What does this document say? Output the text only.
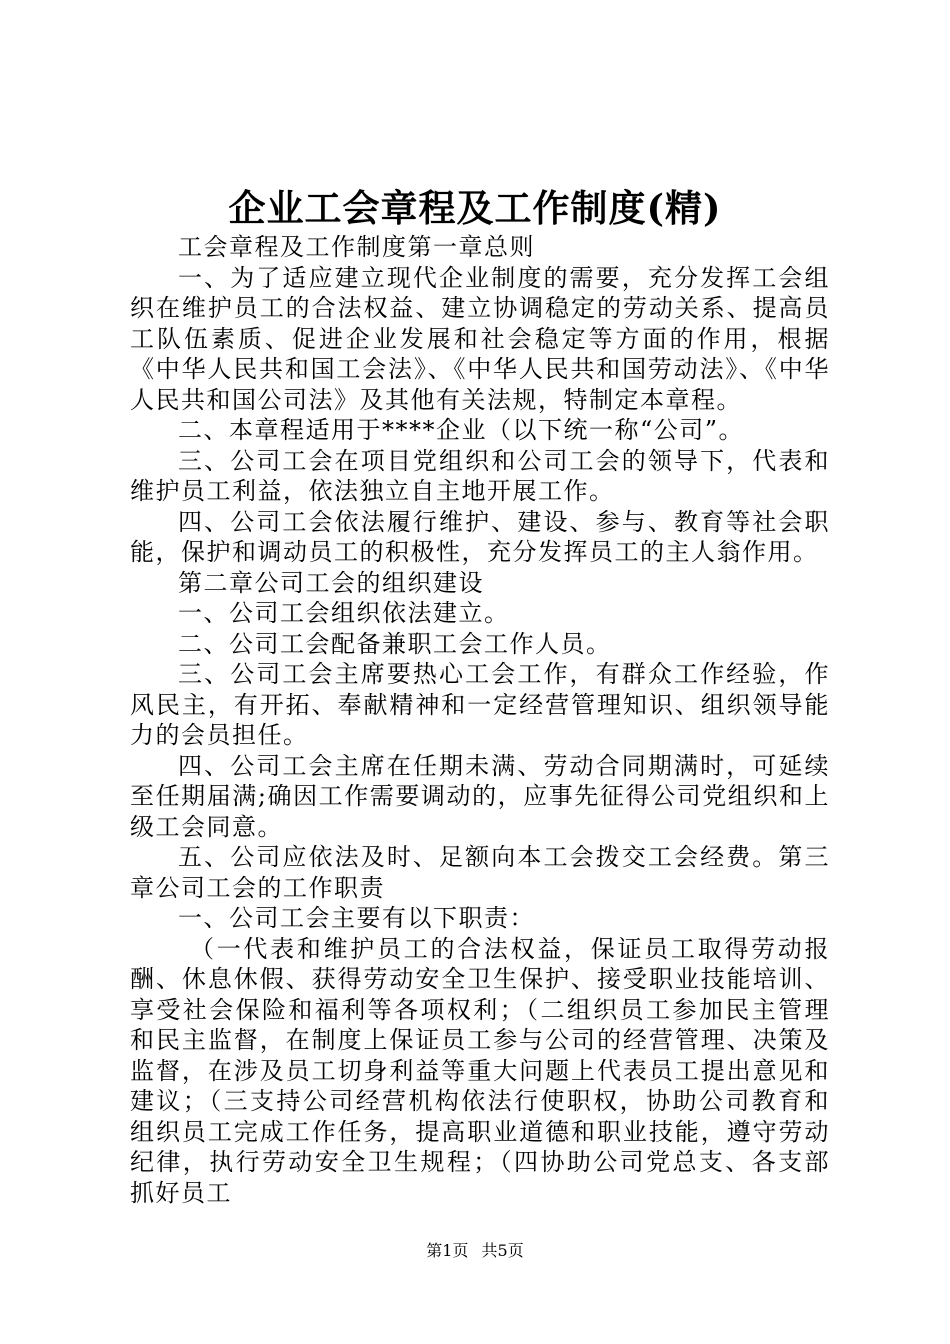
企业工会章程及工作制度(精)

工会章程及工作制度第一章总则

一、为了适应建立现代企业制度的需要，充分发挥工会组织在维护员工的合法权益、建立协调稳定的劳动关系、提高员工队伍素质、促进企业发展和社会稳定等方面的作用，根据《中华人民共和国工会法》、《中华人民共和国劳动法》、《中华人民共和国公司法》及其他有关法规，特制定本章程。

二、本章程适用于****企业（以下统一称“公司”。

三、公司工会在项目党组织和公司工会的领导下，代表和维护员工利益，依法独立自主地开展工作。

四、公司工会依法履行维护、建设、参与、教育等社会职能，保护和调动员工的积极性，充分发挥员工的主人翁作用。

第二章公司工会的组织建设

一、公司工会组织依法建立。

二、公司工会配备兼职工会工作人员。

三、公司工会主席要热心工会工作，有群众工作经验，作风民主，有开拓、奉献精神和一定经营管理知识、组织领导能力的会员担任。

四、公司工会主席在任期未满、劳动合同期满时，可延续至任期届满;确因工作需要调动的，应事先征得公司党组织和上级工会同意。

五、公司应依法及时、足额向本工会拨交工会经费。第三章公司工会的工作职责

一、公司工会主要有以下职责：

（一代表和维护员工的合法权益，保证员工取得劳动报酬、休息休假、获得劳动安全卫生保护、接受职业技能培训、享受社会保险和福利等各项权利；（二组织员工参加民主管理和民主监督，在制度上保证员工参与公司的经营管理、决策及监督，在涉及员工切身利益等重大问题上代表员工提出意见和建议；（三支持公司经营机构依法行使职权，协助公司教育和组织员工完成工作任务，提高职业道德和职业技能，遵守劳动纪律，执行劳动安全卫生规程；（四协助公司党总支、各支部抓好员工

第1页 共5页
